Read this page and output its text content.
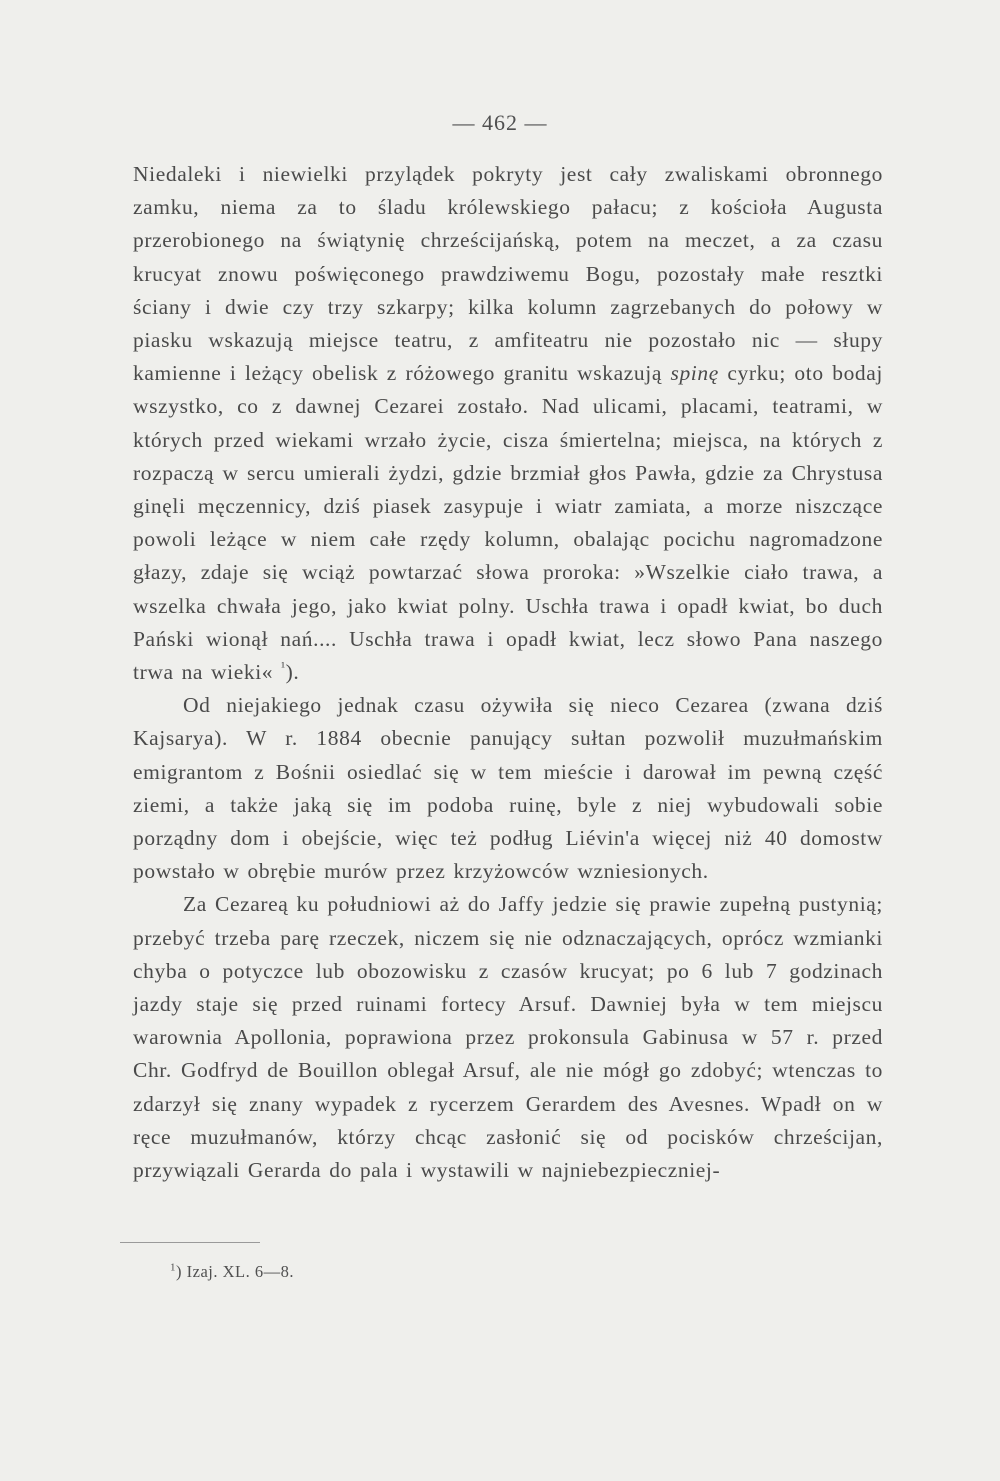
— 462 —

Niedaleki i niewielki przylądek pokryty jest cały zwaliskami obronnego zamku, niema za to śladu królewskiego pałacu; z kościoła Augusta przerobionego na świątynię chrześcijańską, potem na meczet, a za czasu krucyat znowu poświęconego prawdziwemu Bogu, pozostały małe resztki ściany i dwie czy trzy szkarpy; kilka kolumn zagrzebanych do połowy w piasku wskazują miejsce teatru, z amfiteatru nie pozostało nic — słupy kamienne i leżący obelisk z różowego granitu wskazują spinę cyrku; oto bodaj wszystko, co z dawnej Cezarei zostało. Nad ulicami, placami, teatrami, w których przed wiekami wrzało życie, cisza śmiertelna; miejsca, na których z rozpaczą w sercu umierali żydzi, gdzie brzmiał głos Pawła, gdzie za Chrystusa ginęli męczennicy, dziś piasek zasypuje i wiatr zamiata, a morze niszczące powoli leżące w niem całe rzędy kolumn, obalając pocichu nagromadzone głazy, zdaje się wciąż powtarzać słowa proroka: »Wszelkie ciało trawa, a wszelka chwała jego, jako kwiat polny. Uschła trawa i opadł kwiat, bo duch Pański wionął nań.... Uschła trawa i opadł kwiat, lecz słowo Pana naszego trwa na wieki« $^{^1}$).

Od niejakiego jednak czasu ożywiła się nieco Cezarea (zwana dziś Kajsarya). W r. 1884 obecnie panujący sułtan pozwolił muzułmańskim emigrantom z Bośnii osiedlać się w tem mieście i darował im pewną część ziemi, a także jaką się im podoba ruinę, byle z niej wybudowali sobie porządny dom i obejście, więc też podług Liévin'a więcej niż 40 domostw powstało w obrębie murów przez krzyżowców wzniesionych.

Za Cezareą ku południowi aż do Jaffy jedzie się prawie zupełną pustynią; przebyć trzeba parę rzeczek, niczem się nie odznaczających, oprócz wzmianki chyba o potyczce lub obozowisku z czasów krucyat; po 6 lub 7 godzinach jazdy staje się przed ruinami fortecy Arsuf. Dawniej była w tem miejscu warownia Apollonia, poprawiona przez prokonsula Gabinusa w 57 r. przed Chr. Godfryd de Bouillon oblegał Arsuf, ale nie mógł go zdobyć; wtenczas to zdarzył się znany wypadek z rycerzem Gerardem des Avesnes. Wpadł on w ręce muzułmanów, którzy chcąc zasłonić się od pocisków chrześcijan, przywiązali Gerarda do pala i wystawili w najniebezpieczniej-

$^1$) Izaj. XL. 6—8.
